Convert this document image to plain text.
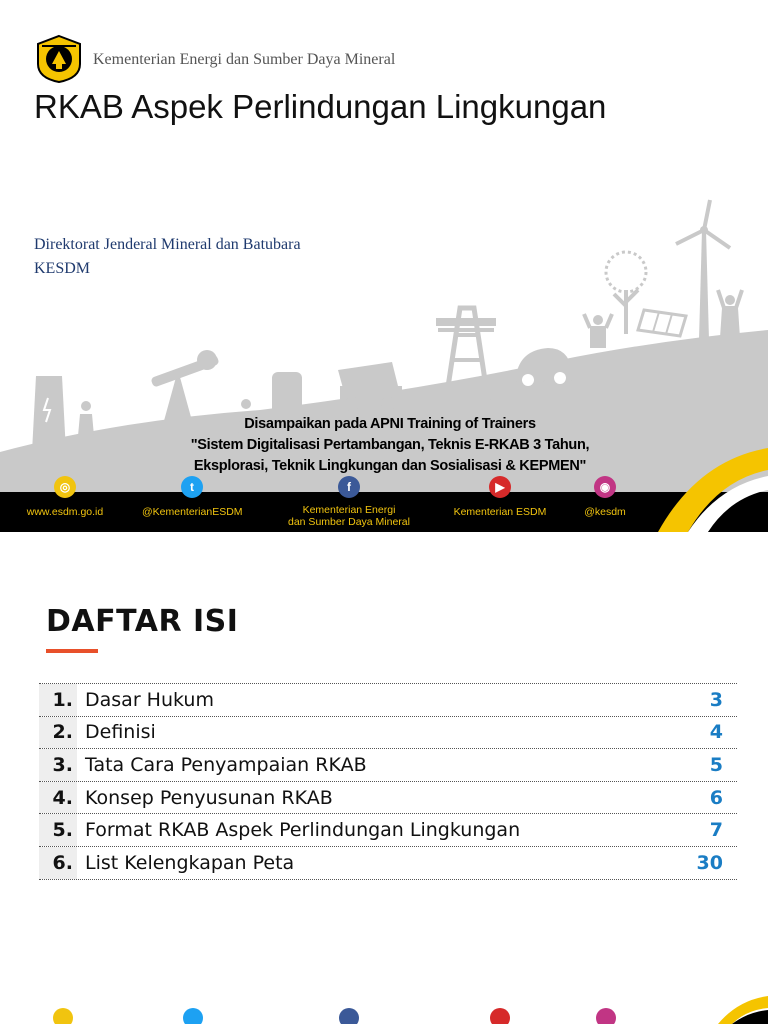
Kementerian Energi dan Sumber Daya Mineral
RKAB Aspek Perlindungan Lingkungan
Direktorat Jenderal Mineral dan Batubara
KESDM
Disampaikan pada APNI Training of Trainers
"Sistem Digitalisasi Pertambangan, Teknis E-RKAB 3 Tahun,
Eksplorasi, Teknik Lingkungan dan Sosialisasi & KEPMEN"
◎
www.esdm.go.id
t
@KementerianESDM
f
Kementerian Energi
dan Sumber Daya Mineral
▶
Kementerian ESDM
◉
@kesdm
DAFTAR ISI
1. Dasar Hukum	3
2. Definisi	4
3. Tata Cara Penyampaian RKAB	5
4. Konsep Penyusunan RKAB	6
5. Format RKAB Aspek Perlindungan Lingkungan	7
6. List Kelengkapan Peta	30
